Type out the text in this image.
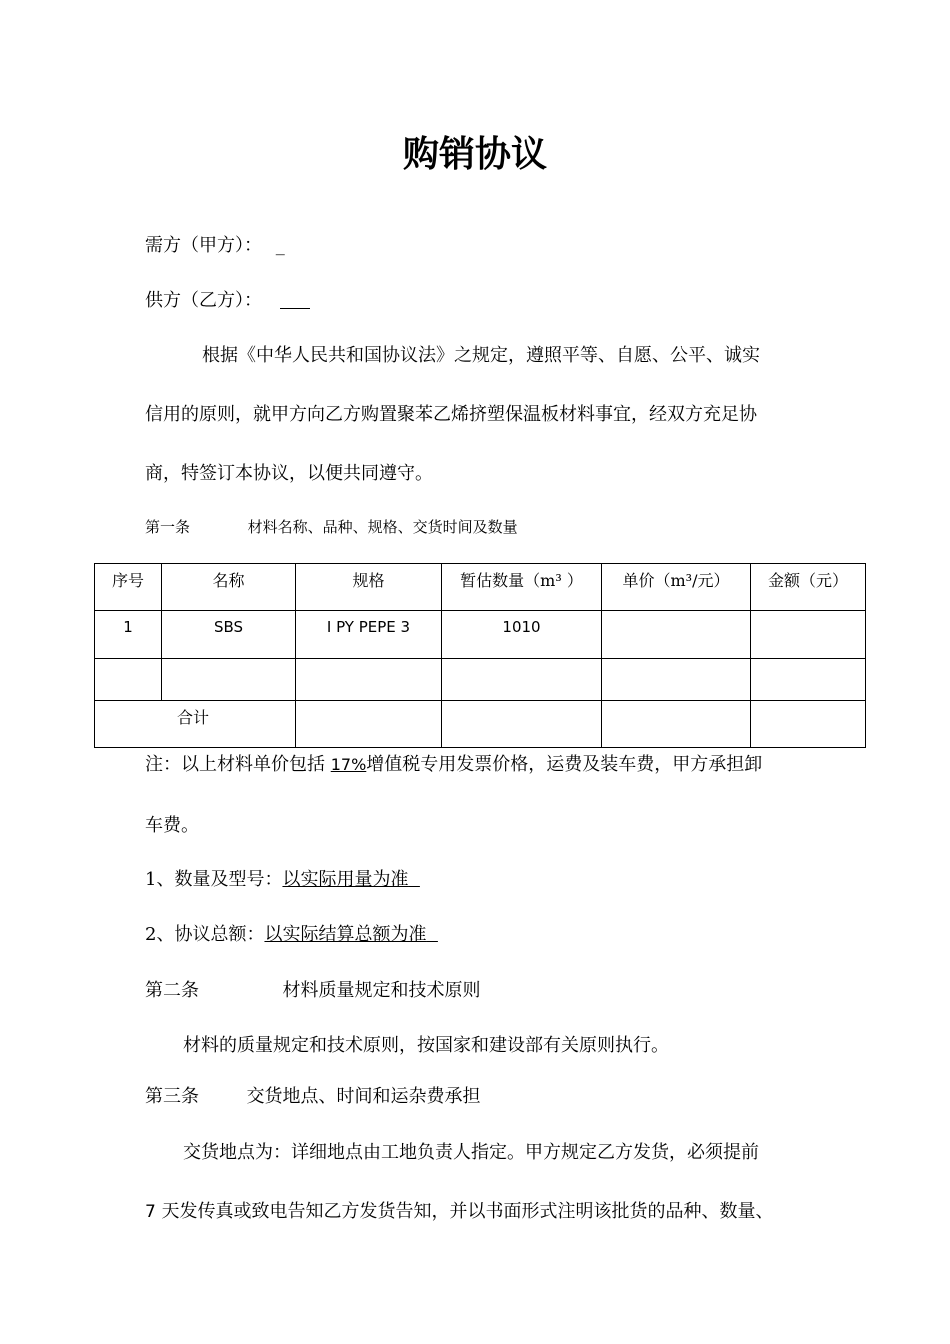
购销协议
需方（甲方）： _
供方（乙方）：
根据《中华人民共和国协议法》之规定，遵照平等、自愿、公平、诚实
信用的原则，就甲方向乙方购置聚苯乙烯挤塑保温板材料事宜，经双方充足协
商，特签订本协议，以便共同遵守。
第一条	材料名称、品种、规格、交货时间及数量
序号	名称	规格	暂估数量（m³ ）	单价（m³/元）	金额（元）
1	SBS	I PY PEPE 3	1010		

合计					
注：以上材料单价包括 17%增值税专用发票价格，运费及装车费，甲方承担卸
车费。
1、数量及型号：以实际用量为准
2、协议总额：以实际结算总额为准
第二条	材料质量规定和技术原则
材料的质量规定和技术原则，按国家和建设部有关原则执行。
第三条	交货地点、时间和运杂费承担
交货地点为：详细地点由工地负责人指定。甲方规定乙方发货，必须提前
7 天发传真或致电告知乙方发货告知，并以书面形式注明该批货的品种、数量、
